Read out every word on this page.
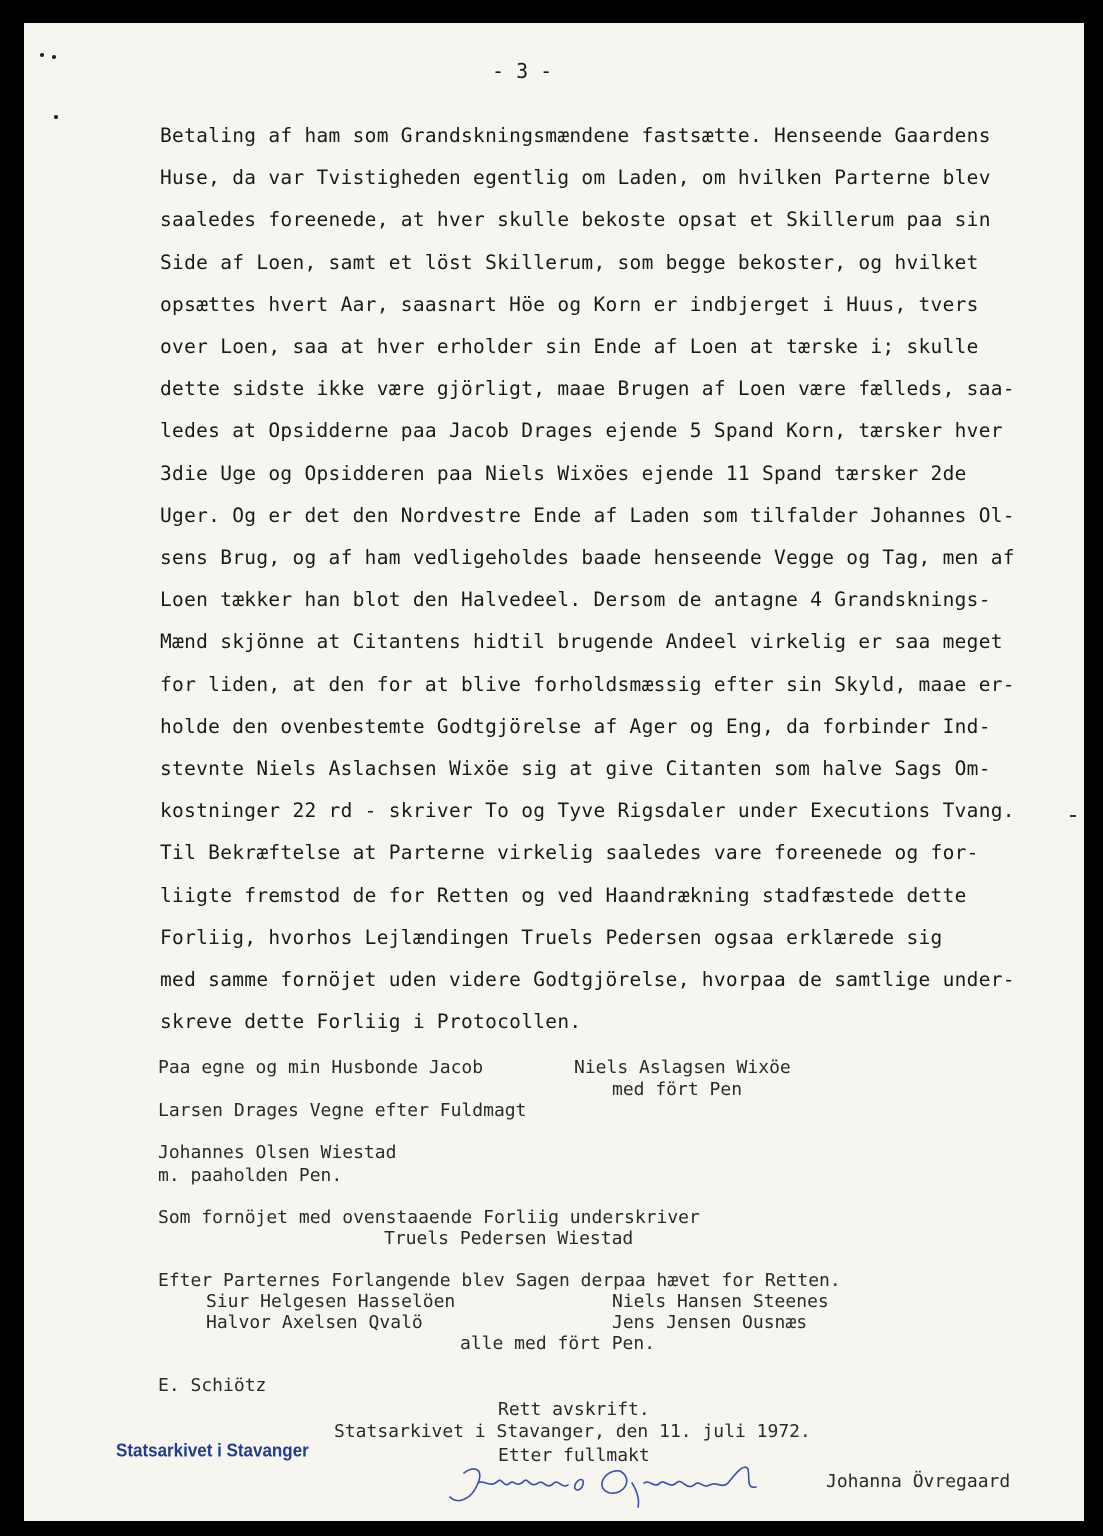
- 3 -
Betaling af ham som Grandskningsmændene fastsætte. Henseende Gaardens
Huse, da var Tvistigheden egentlig om Laden, om hvilken Parterne blev
saaledes foreenede, at hver skulle bekoste opsat et Skillerum paa sin
Side af Loen, samt et löst Skillerum, som begge bekoster, og hvilket
opsættes hvert Aar, saasnart Höe og Korn er indbjerget i Huus, tvers
over Loen, saa at hver erholder sin Ende af Loen at tærske i; skulle
dette sidste ikke være gjörligt, maae Brugen af Loen være fælleds, saa-
ledes at Opsidderne paa Jacob Drages ejende 5 Spand Korn, tærsker hver
3die Uge og Opsidderen paa Niels Wixöes ejende 11 Spand tærsker 2de
Uger. Og er det den Nordvestre Ende af Laden som tilfalder Johannes Ol-
sens Brug, og af ham vedligeholdes baade henseende Vegge og Tag, men af
Loen tækker han blot den Halvedeel. Dersom de antagne 4 Grandsknings-
Mænd skjönne at Citantens hidtil brugende Andeel virkelig er saa meget
for liden, at den for at blive forholdsmæssig efter sin Skyld, maae er-
holde den ovenbestemte Godtgjörelse af Ager og Eng, da forbinder Ind-
stevnte Niels Aslachsen Wixöe sig at give Citanten som halve Sags Om-
kostninger 22 rd - skriver To og Tyve Rigsdaler under Executions Tvang.
Til Bekræftelse at Parterne virkelig saaledes vare foreenede og for-
liigte fremstod de for Retten og ved Haandrækning stadfæstede dette
Forliig, hvorhos Lejlændingen Truels Pedersen ogsaa erklærede sig
med samme fornöjet uden videre Godtgjörelse, hvorpaa de samtlige under-
skreve dette Forliig i Protocollen.
Paa egne og min Husbonde Jacob	Niels Aslagsen Wixöe
med fört Pen
Larsen Drages Vegne efter Fuldmagt
Johannes Olsen Wiestad
m. paaholden Pen.
Som fornöjet med ovenstaaende Forliig underskriver
Truels Pedersen Wiestad
Efter Parternes Forlangende blev Sagen derpaa hævet for Retten.
Siur Helgesen Hasselöen	Niels Hansen Steenes
Halvor Axelsen Qvalö	Jens Jensen Ousnæs
alle med fört Pen.
E. Schiötz
Rett avskrift.
Statsarkivet i Stavanger, den 11. juli 1972.
Etter fullmakt
Statsarkivet i Stavanger
Johanna Övregaard
